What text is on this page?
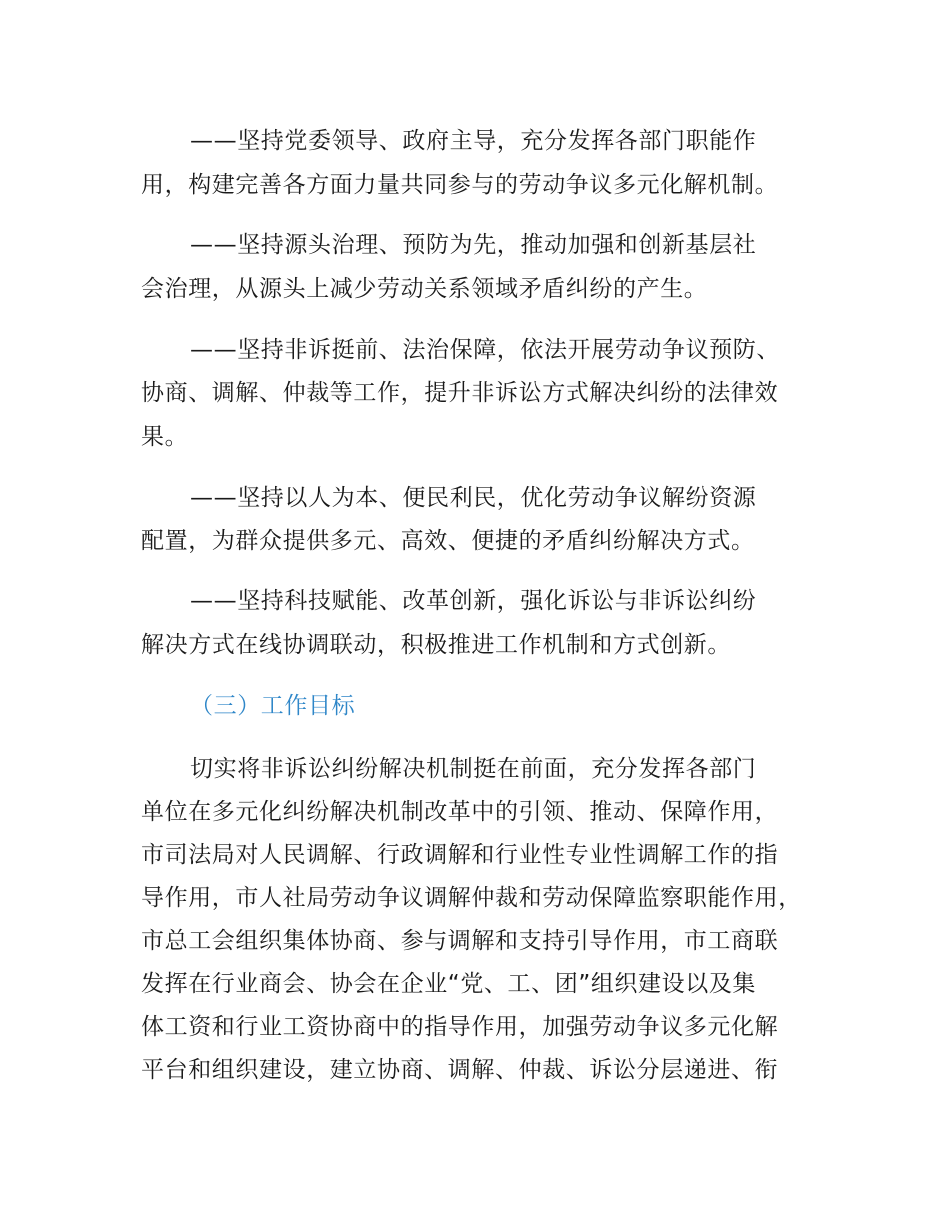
——坚持党委领导、政府主导，充分发挥各部门职能作
用，构建完善各方面力量共同参与的劳动争议多元化解机制。
——坚持源头治理、预防为先，推动加强和创新基层社
会治理，从源头上减少劳动关系领域矛盾纠纷的产生。
——坚持非诉挺前、法治保障，依法开展劳动争议预防、
协商、调解、仲裁等工作，提升非诉讼方式解决纠纷的法律效
果。
——坚持以人为本、便民利民，优化劳动争议解纷资源
配置，为群众提供多元、高效、便捷的矛盾纠纷解决方式。
——坚持科技赋能、改革创新，强化诉讼与非诉讼纠纷
解决方式在线协调联动，积极推进工作机制和方式创新。
（三）工作目标
切实将非诉讼纠纷解决机制挺在前面，充分发挥各部门
单位在多元化纠纷解决机制改革中的引领、推动、保障作用，
市司法局对人民调解、行政调解和行业性专业性调解工作的指
导作用，市人社局劳动争议调解仲裁和劳动保障监察职能作用，
市总工会组织集体协商、参与调解和支持引导作用，市工商联
发挥在行业商会、协会在企业“党、工、团”组织建设以及集
体工资和行业工资协商中的指导作用，加强劳动争议多元化解
平台和组织建设，建立协商、调解、仲裁、诉讼分层递进、衔
